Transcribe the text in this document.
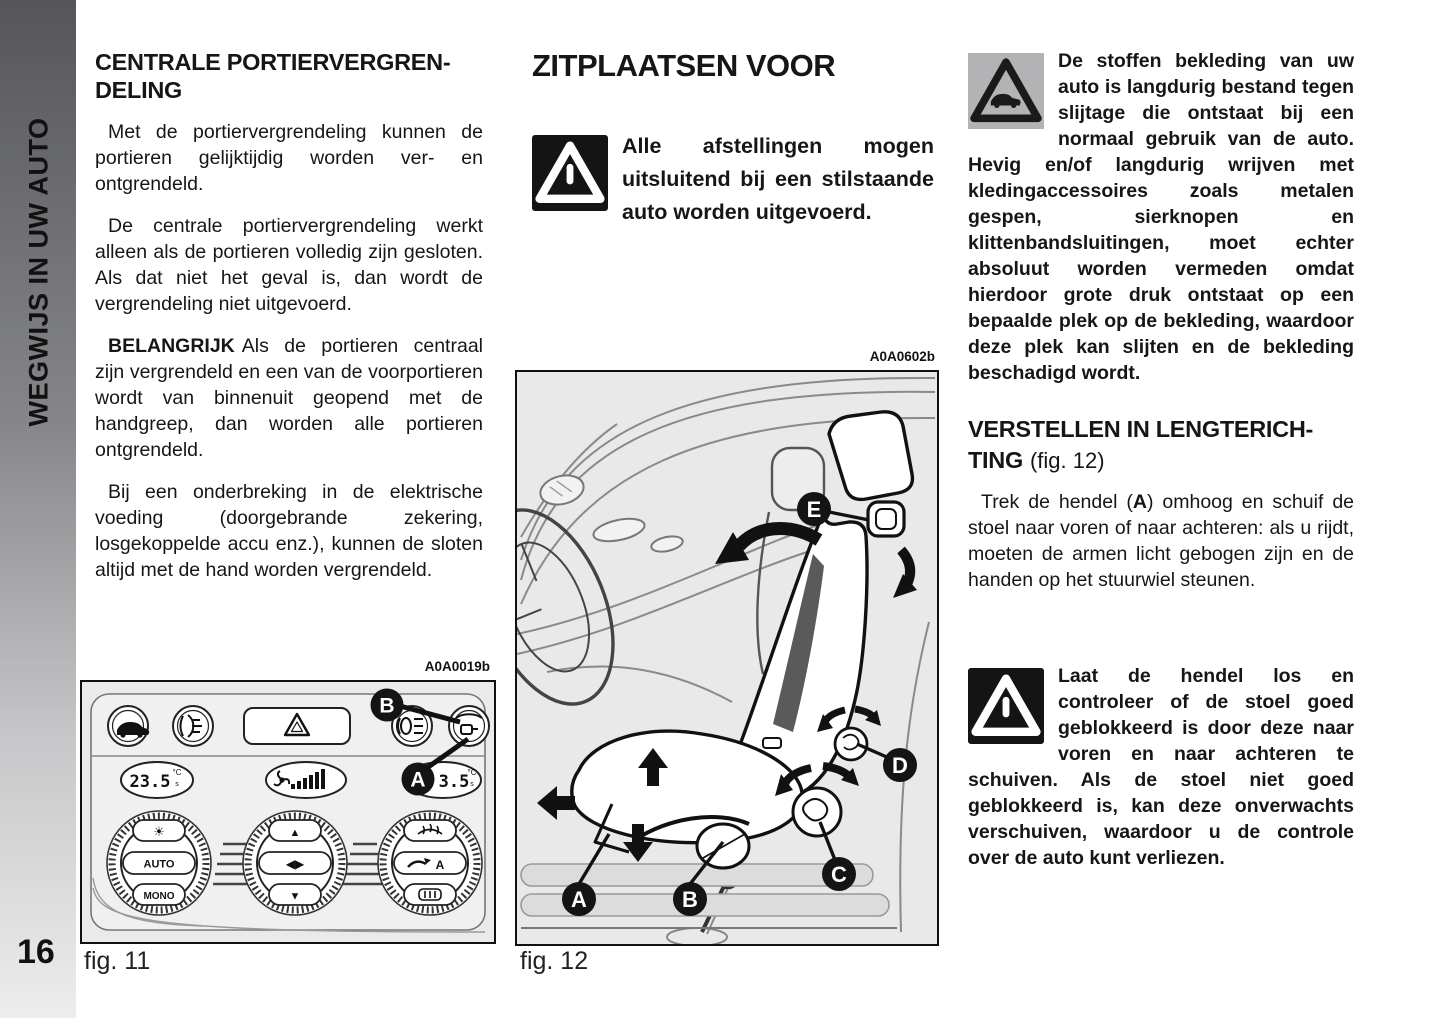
WEGWIJS IN UW AUTO
16
CENTRALE PORTIERVERGREN-DELING

Met de portiervergrendeling kunnen de portieren gelijktijdig worden ver- en ontgrendeld.

De centrale portiervergrendeling werkt alleen als de portieren volledig zijn gesloten. Als dat niet het geval is, dan wordt de vergrendeling niet uitgevoerd.

BELANGRIJK Als de portieren centraal zijn vergrendeld en een van de voorportieren wordt van binnenuit geopend met de handgreep, dan worden alle portieren ontgrendeld.

Bij een onderbreking in de elektrische voeding (doorgebrande zekering, losgekoppelde accu enz.), kunnen de sloten altijd met de hand worden vergrendeld.

A0A0019b
23.5 °C
s	3.5
°C
s
☀
AUTO
MONO
▲
◀▶
▼
A
B
A
fig. 11
ZITPLAATSEN VOOR
Alle afstellingen mogen uitsluitend bij een stilstaande auto worden uitgevoerd.
A0A0602b
A	B
C
D
E
fig. 12
De stoffen bekleding van uw auto is langdurig bestand tegen slijtage die ontstaat bij een normaal gebruik van de auto. Hevig en/of langdurig wrijven met kledingaccessoires zoals metalen gespen, sierknopen en klittenbandsluitingen, moet echter absoluut worden vermeden omdat hierdoor grote druk ontstaat op een bepaalde plek op de bekleding, waardoor deze plek kan slijten en de bekleding beschadigd wordt.
VERSTELLEN IN LENGTERICH-TING (fig. 12)

Trek de hendel (A) omhoog en schuif de stoel naar voren of naar achteren: als u rijdt, moeten de armen licht gebogen zijn en de handen op het stuurwiel steunen.

Laat de hendel los en controleer of de stoel goed geblokkeerd is door deze naar voren en naar achteren te schuiven. Als de stoel niet goed geblokkeerd is, kan deze onverwachts verschuiven, waardoor u de controle over de auto kunt verliezen.
